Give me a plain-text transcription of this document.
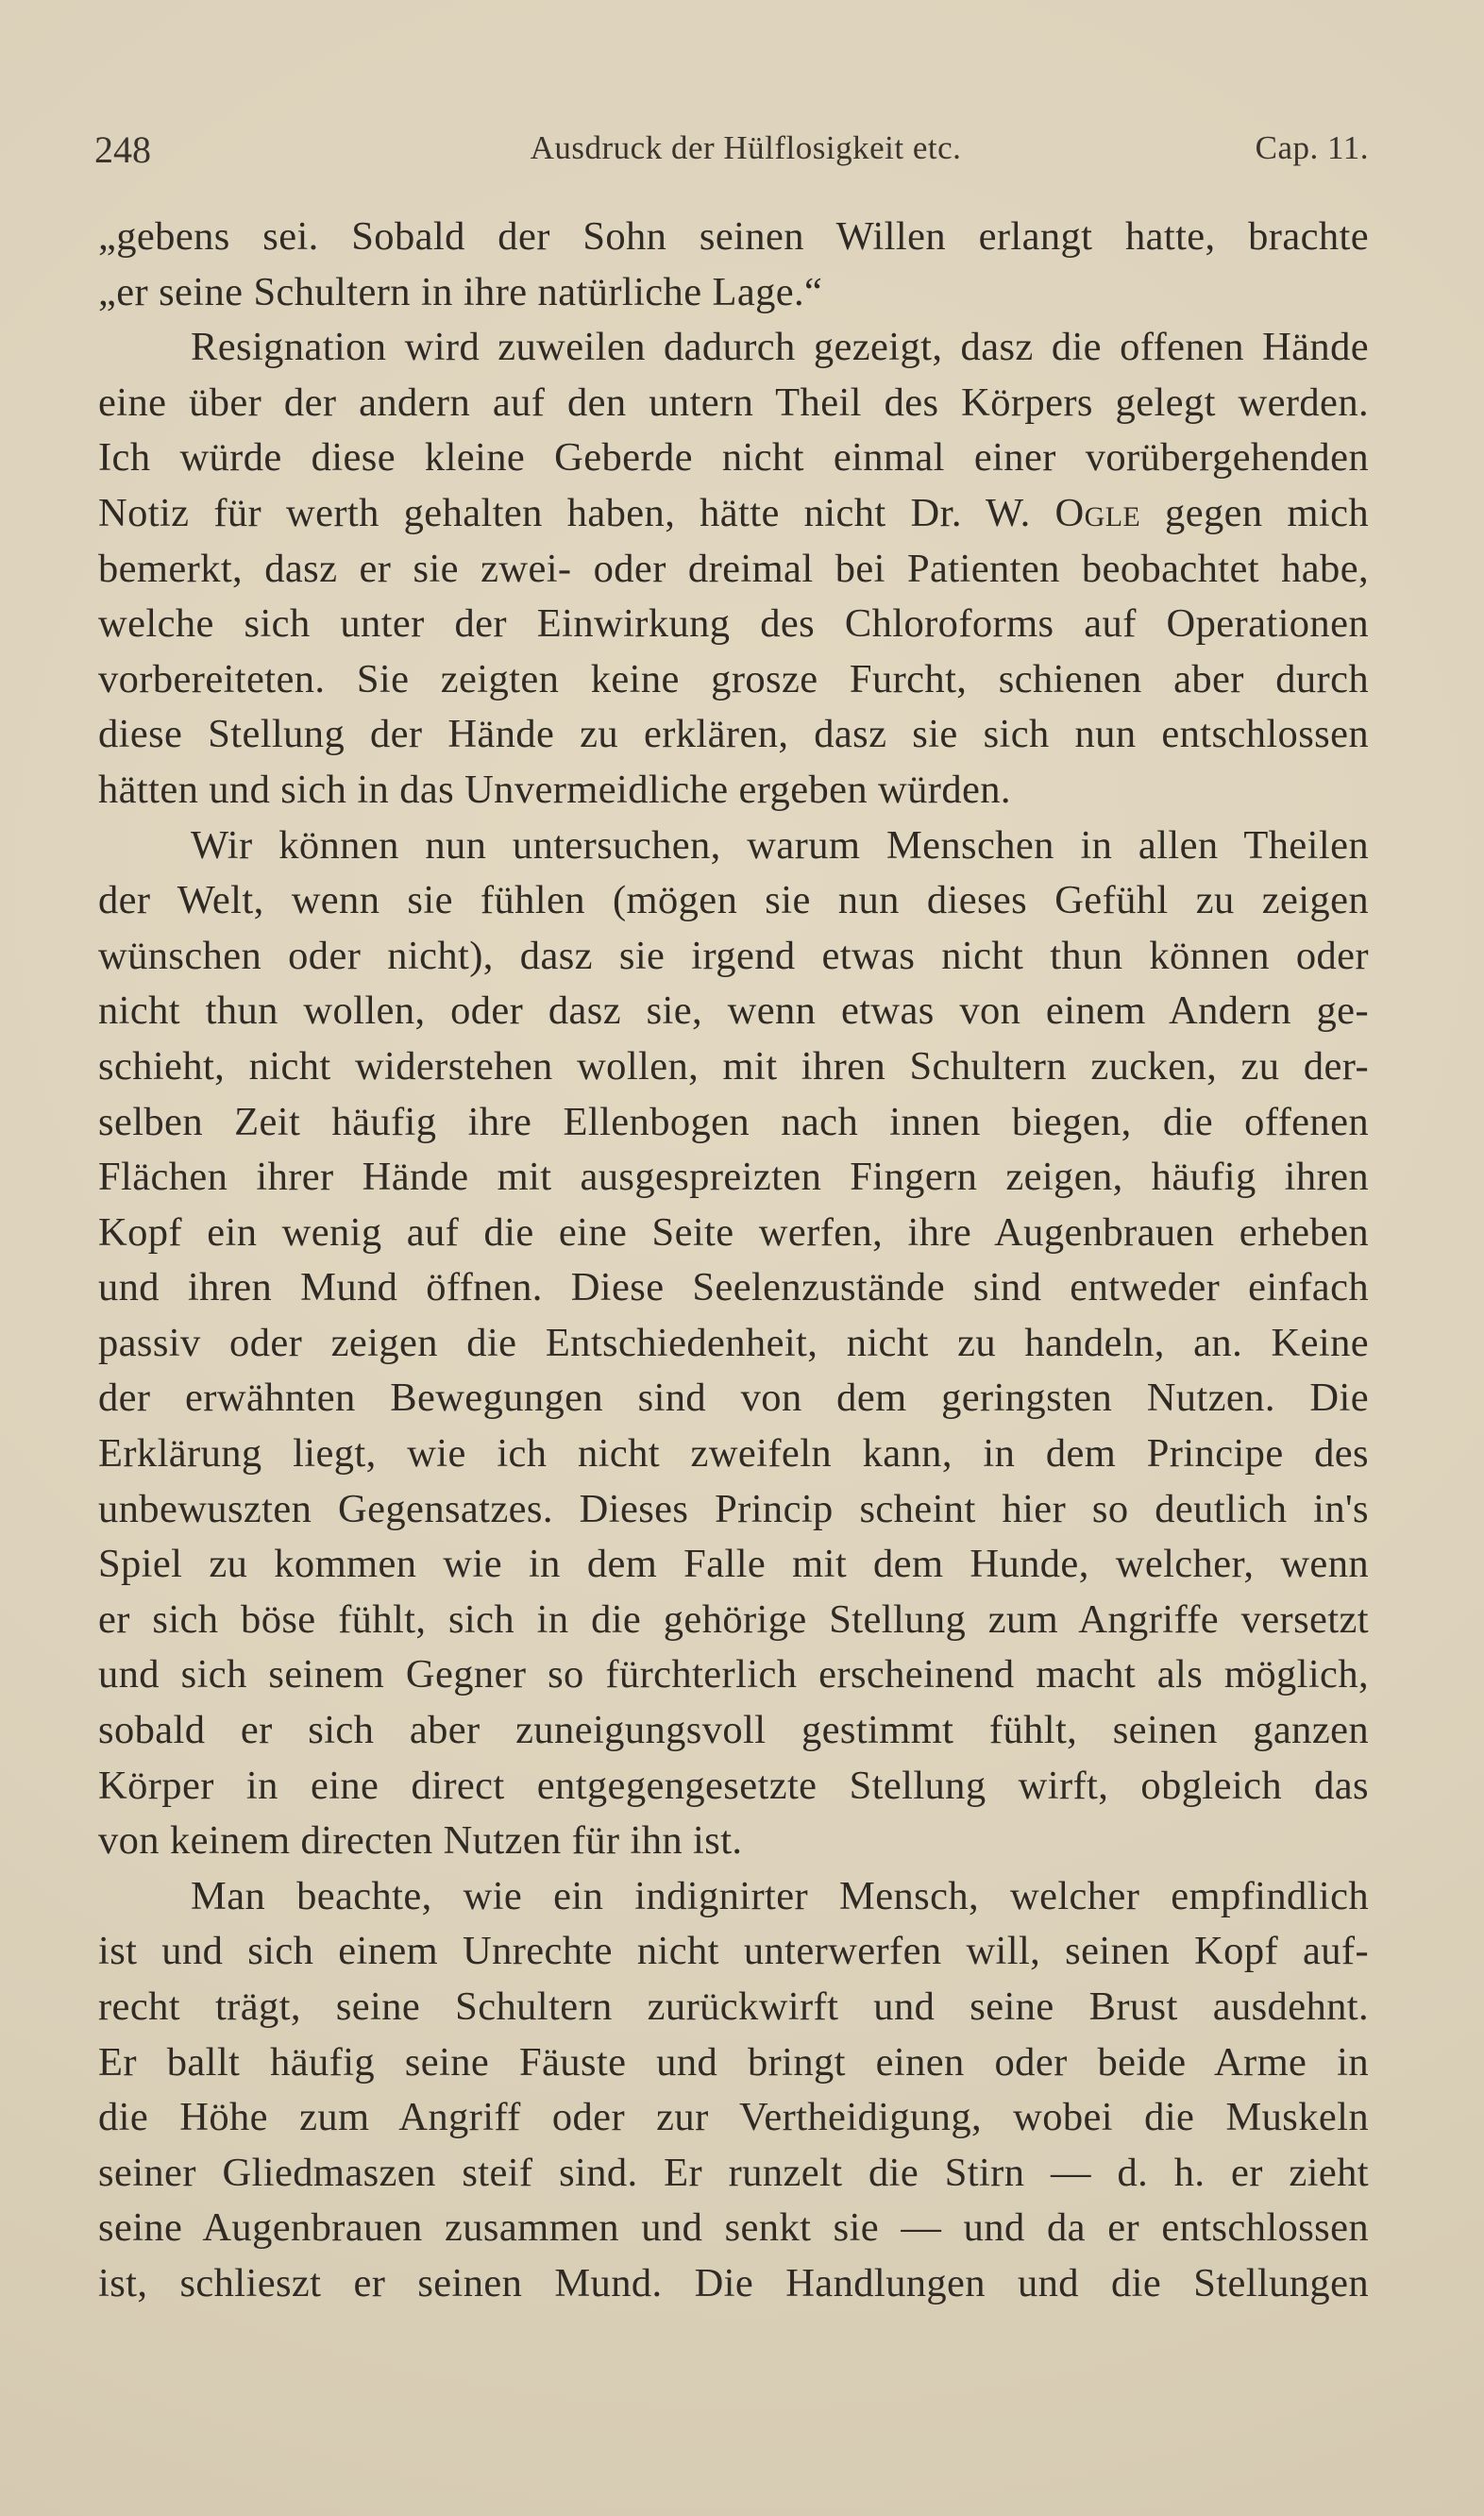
248	Ausdruck der Hülflosigkeit etc.	Cap. 11.
„gebens sei. Sobald der Sohn seinen Willen erlangt hatte, brachte
„er seine Schultern in ihre natürliche Lage.“
Resignation wird zuweilen dadurch gezeigt, dasz die offenen Hände
eine über der andern auf den untern Theil des Körpers gelegt werden.
Ich würde diese kleine Geberde nicht einmal einer vorübergehenden
Notiz für werth gehalten haben, hätte nicht Dr. W. Ogle gegen mich
bemerkt, dasz er sie zwei- oder dreimal bei Patienten beobachtet habe,
welche sich unter der Einwirkung des Chloroforms auf Operationen
vorbereiteten. Sie zeigten keine grosze Furcht, schienen aber durch
diese Stellung der Hände zu erklären, dasz sie sich nun entschlossen
hätten und sich in das Unvermeidliche ergeben würden.
Wir können nun untersuchen, warum Menschen in allen Theilen
der Welt, wenn sie fühlen (mögen sie nun dieses Gefühl zu zeigen
wünschen oder nicht), dasz sie irgend etwas nicht thun können oder
nicht thun wollen, oder dasz sie, wenn etwas von einem Andern ge-
schieht, nicht widerstehen wollen, mit ihren Schultern zucken, zu der-
selben Zeit häufig ihre Ellenbogen nach innen biegen, die offenen
Flächen ihrer Hände mit ausgespreizten Fingern zeigen, häufig ihren
Kopf ein wenig auf die eine Seite werfen, ihre Augenbrauen erheben
und ihren Mund öffnen. Diese Seelenzustände sind entweder einfach
passiv oder zeigen die Entschiedenheit, nicht zu handeln, an. Keine
der erwähnten Bewegungen sind von dem geringsten Nutzen. Die
Erklärung liegt, wie ich nicht zweifeln kann, in dem Principe des
unbewuszten Gegensatzes. Dieses Princip scheint hier so deutlich in's
Spiel zu kommen wie in dem Falle mit dem Hunde, welcher, wenn
er sich böse fühlt, sich in die gehörige Stellung zum Angriffe versetzt
und sich seinem Gegner so fürchterlich erscheinend macht als möglich,
sobald er sich aber zuneigungsvoll gestimmt fühlt, seinen ganzen
Körper in eine direct entgegengesetzte Stellung wirft, obgleich das
von keinem directen Nutzen für ihn ist.
Man beachte, wie ein indignirter Mensch, welcher empfindlich
ist und sich einem Unrechte nicht unterwerfen will, seinen Kopf auf-
recht trägt, seine Schultern zurückwirft und seine Brust ausdehnt.
Er ballt häufig seine Fäuste und bringt einen oder beide Arme in
die Höhe zum Angriff oder zur Vertheidigung, wobei die Muskeln
seiner Gliedmaszen steif sind. Er runzelt die Stirn — d. h. er zieht
seine Augenbrauen zusammen und senkt sie — und da er entschlossen
ist, schlieszt er seinen Mund. Die Handlungen und die Stellungen
